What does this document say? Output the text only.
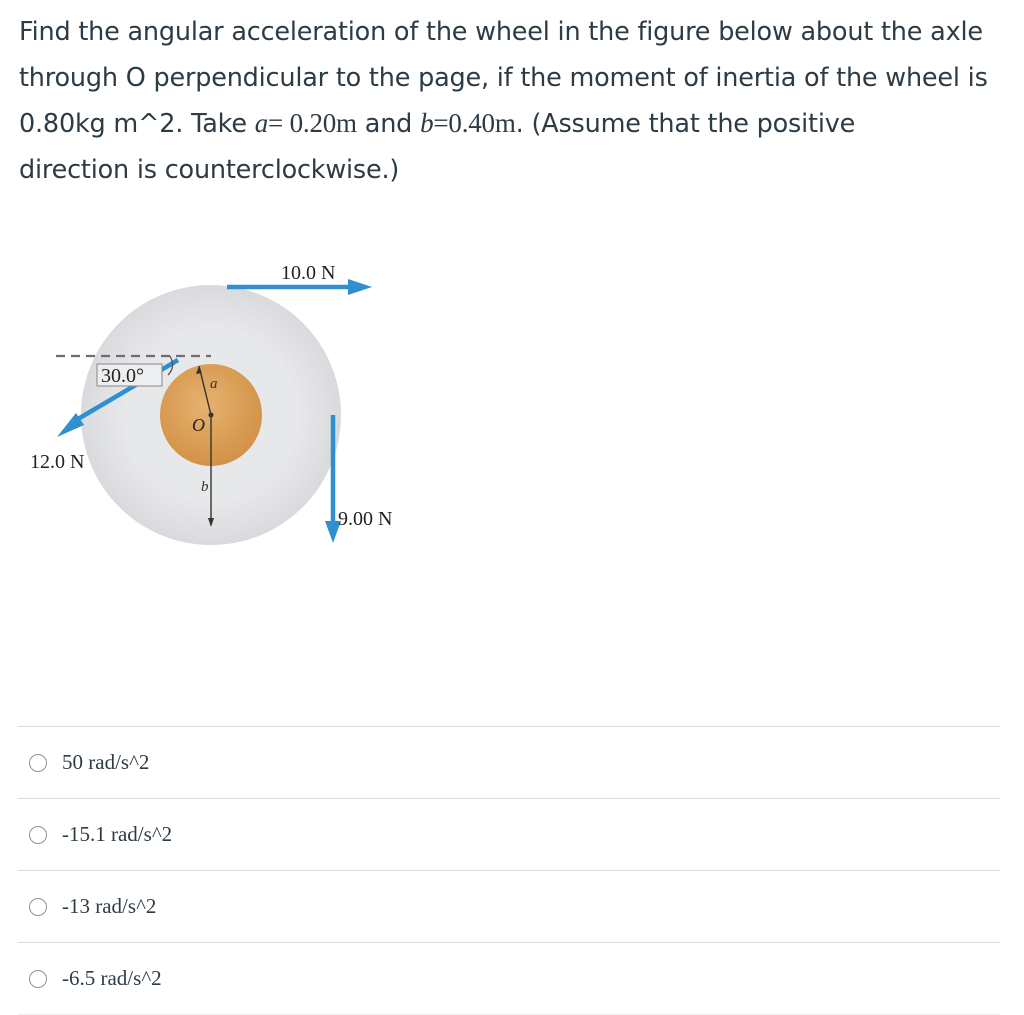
Find the angular acceleration of the wheel in the figure below about the axle
through O perpendicular to the page, if the moment of inertia of the wheel is
0.80kg m^2. Take a= 0.20m and b=0.40m. (Assume that the positive
direction is counterclockwise.)
a
b
O
10.0 N
12.0 N
30.0°
9.00 N
50 rad/s^2
-15.1 rad/s^2
-13 rad/s^2
-6.5 rad/s^2
